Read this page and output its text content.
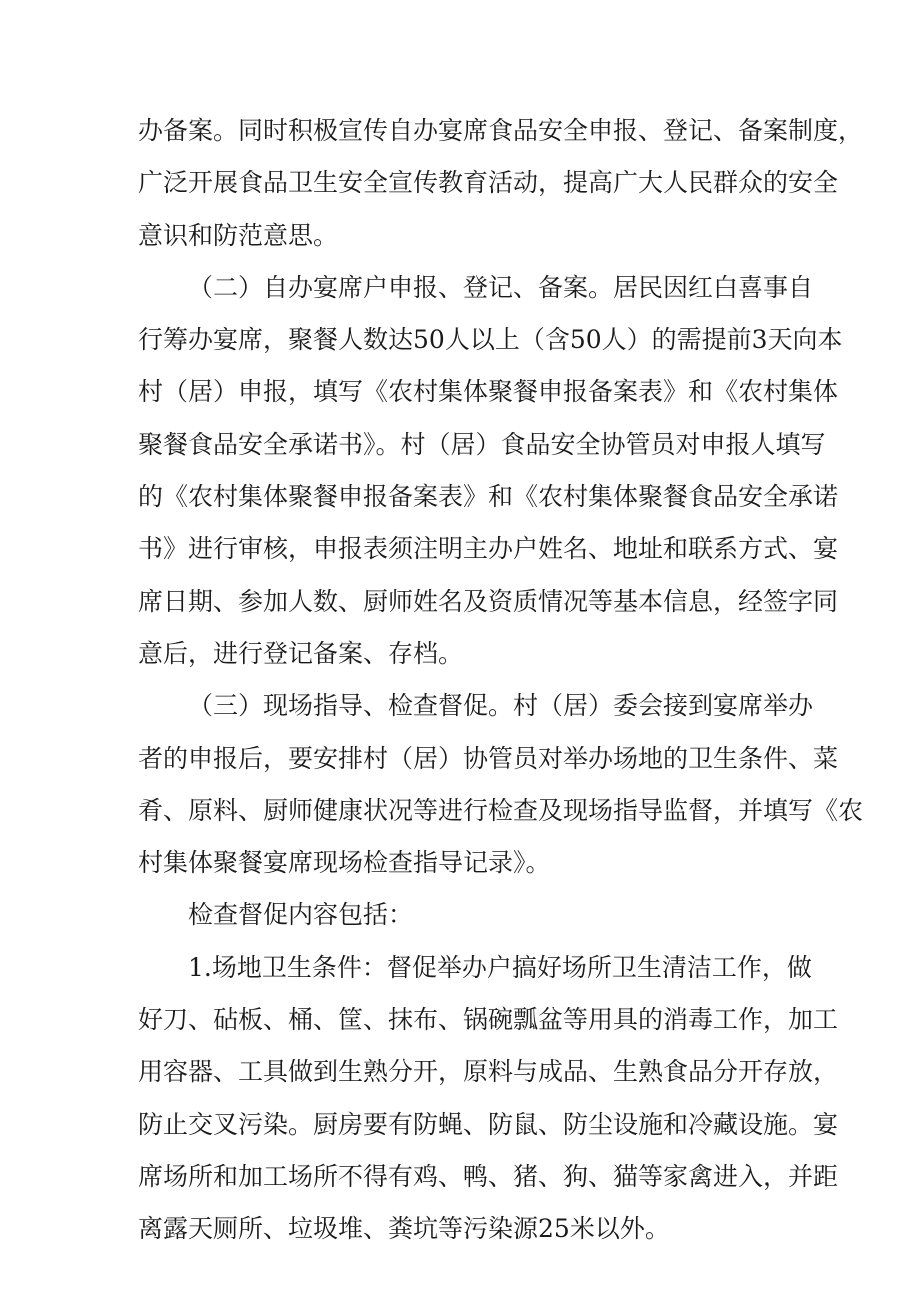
办备案。同时积极宣传自办宴席食品安全申报、登记、备案制度，
广泛开展食品卫生安全宣传教育活动，提高广大人民群众的安全
意识和防范意思。
（二）自办宴席户申报、登记、备案。居民因红白喜事自
行筹办宴席，聚餐人数达50人以上（含50人）的需提前3天向本
村（居）申报，填写《农村集体聚餐申报备案表》和《农村集体
聚餐食品安全承诺书》。村（居）食品安全协管员对申报人填写
的《农村集体聚餐申报备案表》和《农村集体聚餐食品安全承诺
书》进行审核，申报表须注明主办户姓名、地址和联系方式、宴
席日期、参加人数、厨师姓名及资质情况等基本信息，经签字同
意后，进行登记备案、存档。
（三）现场指导、检查督促。村（居）委会接到宴席举办
者的申报后，要安排村（居）协管员对举办场地的卫生条件、菜
肴、原料、厨师健康状况等进行检查及现场指导监督，并填写《农
村集体聚餐宴席现场检查指导记录》。
检查督促内容包括：
1.场地卫生条件：督促举办户搞好场所卫生清洁工作，做
好刀、砧板、桶、筐、抹布、锅碗瓢盆等用具的消毒工作，加工
用容器、工具做到生熟分开，原料与成品、生熟食品分开存放，
防止交叉污染。厨房要有防蝇、防鼠、防尘设施和冷藏设施。宴
席场所和加工场所不得有鸡、鸭、猪、狗、猫等家禽进入，并距
离露天厕所、垃圾堆、粪坑等污染源25米以外。
